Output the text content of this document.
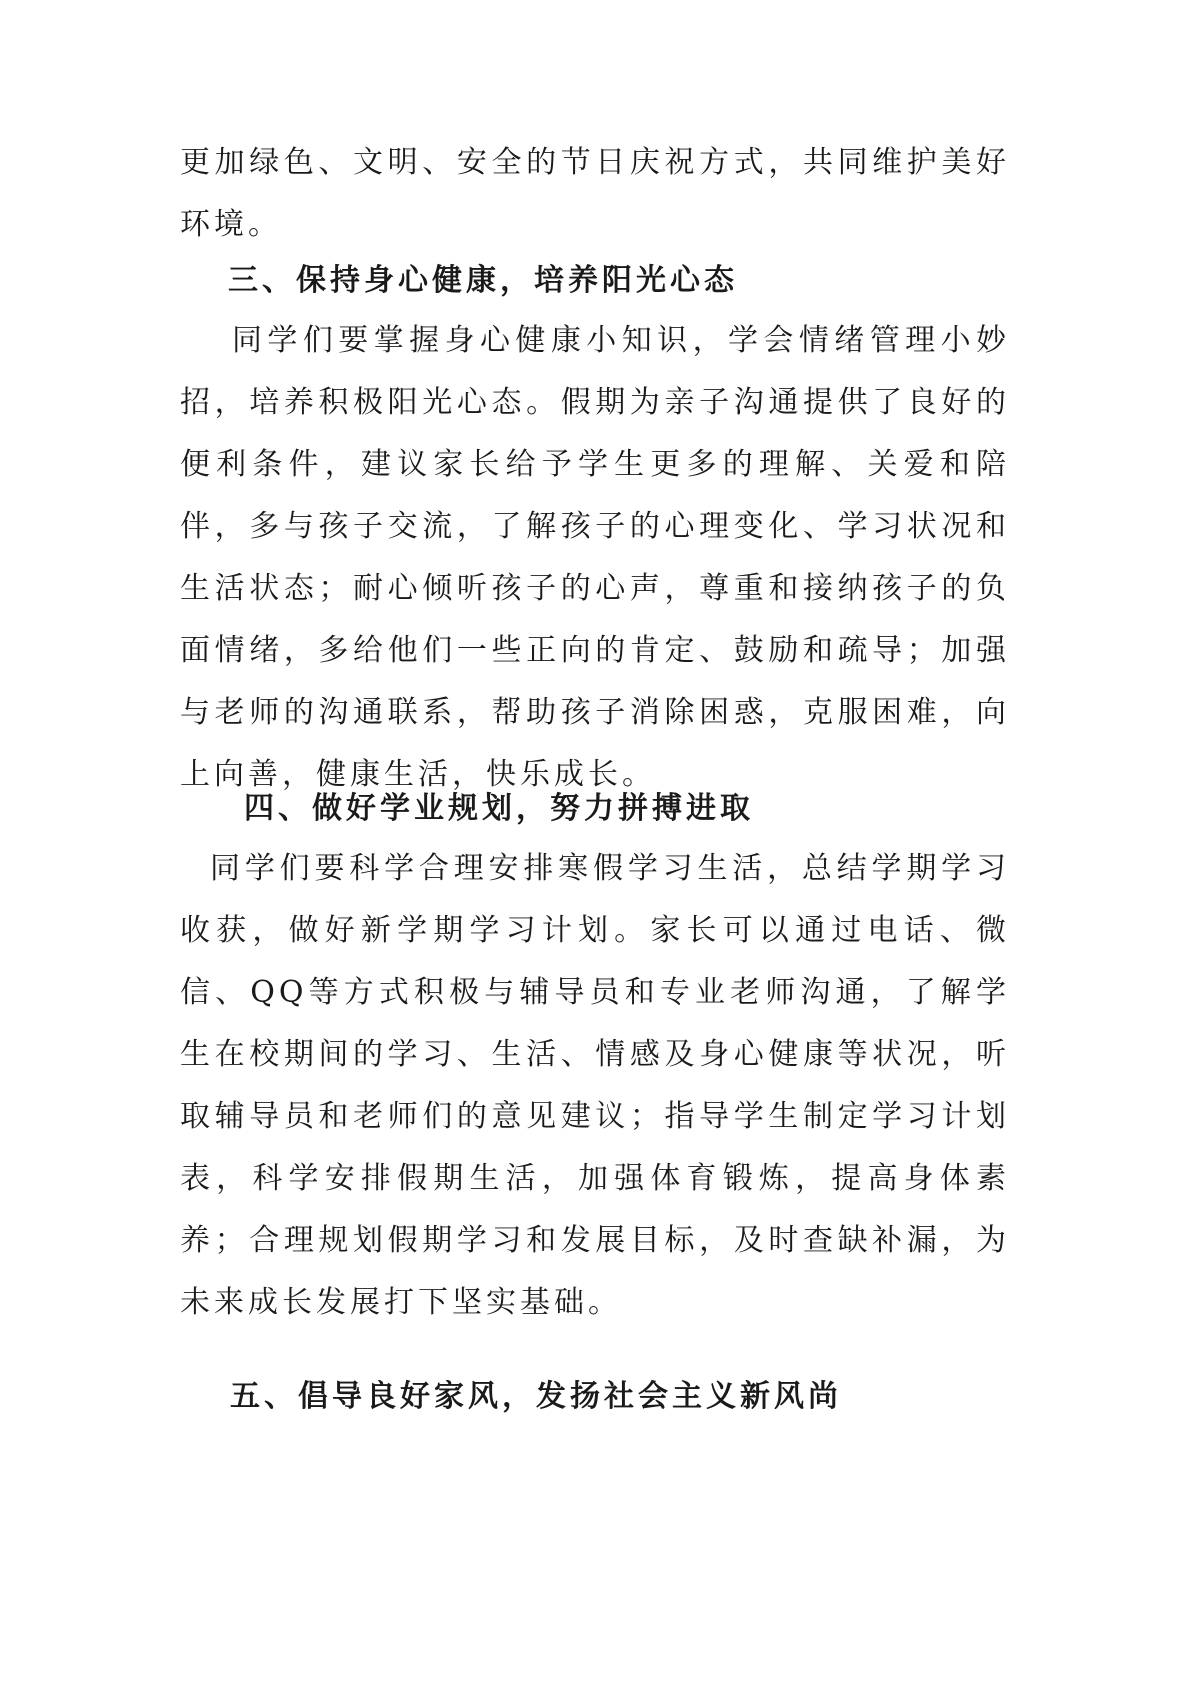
更加绿色、文明、安全的节日庆祝方式，共同维护美好环境。

三、保持身心健康，培养阳光心态

同学们要掌握身心健康小知识，学会情绪管理小妙招，培养积极阳光心态。假期为亲子沟通提供了良好的便利条件，建议家长给予学生更多的理解、关爱和陪伴，多与孩子交流，了解孩子的心理变化、学习状况和生活状态；耐心倾听孩子的心声，尊重和接纳孩子的负面情绪，多给他们一些正向的肯定、鼓励和疏导；加强与老师的沟通联系，帮助孩子消除困惑，克服困难，向上向善，健康生活，快乐成长。

四、做好学业规划，努力拼搏进取

同学们要科学合理安排寒假学习生活，总结学期学习收获，做好新学期学习计划。家长可以通过电话、微信、QQ等方式积极与辅导员和专业老师沟通，了解学生在校期间的学习、生活、情感及身心健康等状况，听取辅导员和老师们的意见建议；指导学生制定学习计划表，科学安排假期生活，加强体育锻炼，提高身体素养；合理规划假期学习和发展目标，及时查缺补漏，为未来成长发展打下坚实基础。

五、倡导良好家风，发扬社会主义新风尚
